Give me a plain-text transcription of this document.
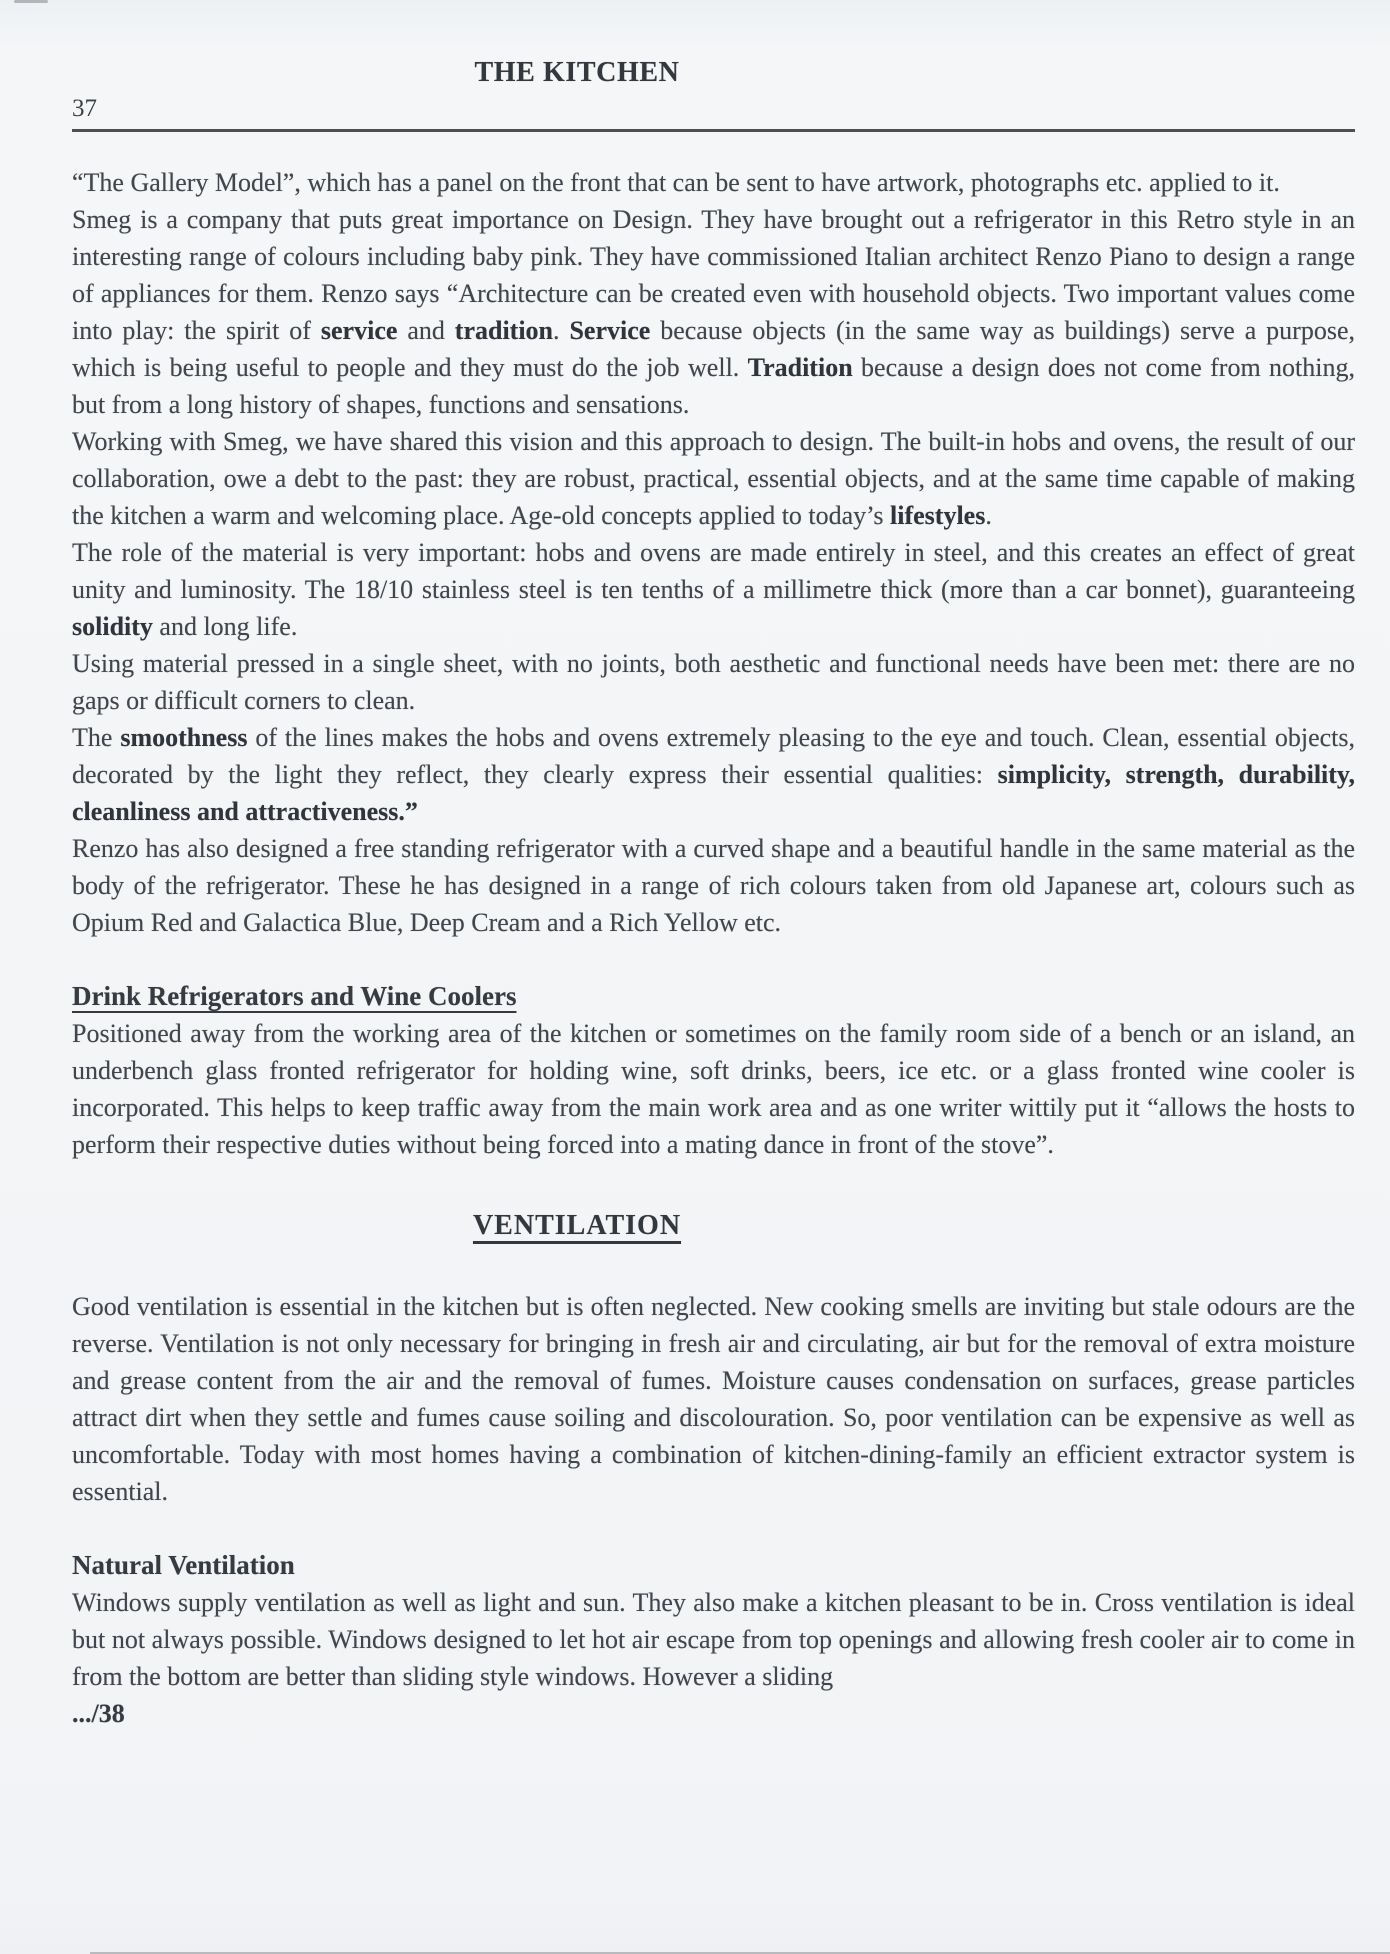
THE KITCHEN
37

“The Gallery Model”, which has a panel on the front that can be sent to have artwork, photographs etc. applied to it.

Smeg is a company that puts great importance on Design. They have brought out a refrigerator in this Retro style in an interesting range of colours including baby pink. They have commissioned Italian architect Renzo Piano to design a range of appliances for them. Renzo says “Architecture can be created even with household objects. Two important values come into play: the spirit of service and tradition. Service because objects (in the same way as buildings) serve a purpose, which is being useful to people and they must do the job well. Tradition because a design does not come from nothing, but from a long history of shapes, functions and sensations.

Working with Smeg, we have shared this vision and this approach to design. The built-in hobs and ovens, the result of our collaboration, owe a debt to the past: they are robust, practical, essential objects, and at the same time capable of making the kitchen a warm and welcoming place. Age-old concepts applied to today’s lifestyles.

The role of the material is very important: hobs and ovens are made entirely in steel, and this creates an effect of great unity and luminosity. The 18/10 stainless steel is ten tenths of a millimetre thick (more than a car bonnet), guaranteeing solidity and long life.

Using material pressed in a single sheet, with no joints, both aesthetic and functional needs have been met: there are no gaps or difficult corners to clean.

The smoothness of the lines makes the hobs and ovens extremely pleasing to the eye and touch. Clean, essential objects, decorated by the light they reflect, they clearly express their essential qualities: simplicity, strength, durability, cleanliness and attractiveness.”

Renzo has also designed a free standing refrigerator with a curved shape and a beautiful handle in the same material as the body of the refrigerator. These he has designed in a range of rich colours taken from old Japanese art, colours such as Opium Red and Galactica Blue, Deep Cream and a Rich Yellow etc.

Drink Refrigerators and Wine Coolers

Positioned away from the working area of the kitchen or sometimes on the family room side of a bench or an island, an underbench glass fronted refrigerator for holding wine, soft drinks, beers, ice etc. or a glass fronted wine cooler is incorporated. This helps to keep traffic away from the main work area and as one writer wittily put it “allows the hosts to perform their respective duties without being forced into a mating dance in front of the stove”.

VENTILATION

Good ventilation is essential in the kitchen but is often neglected. New cooking smells are inviting but stale odours are the reverse. Ventilation is not only necessary for bringing in fresh air and circulating, air but for the removal of extra moisture and grease content from the air and the removal of fumes. Moisture causes condensation on surfaces, grease particles attract dirt when they settle and fumes cause soiling and discolouration. So, poor ventilation can be expensive as well as uncomfortable. Today with most homes having a combination of kitchen-dining-family an efficient extractor system is essential.

Natural Ventilation

Windows supply ventilation as well as light and sun. They also make a kitchen pleasant to be in. Cross ventilation is ideal but not always possible. Windows designed to let hot air escape from top openings and allowing fresh cooler air to come in from the bottom are better than sliding style windows. However a sliding

.../38
